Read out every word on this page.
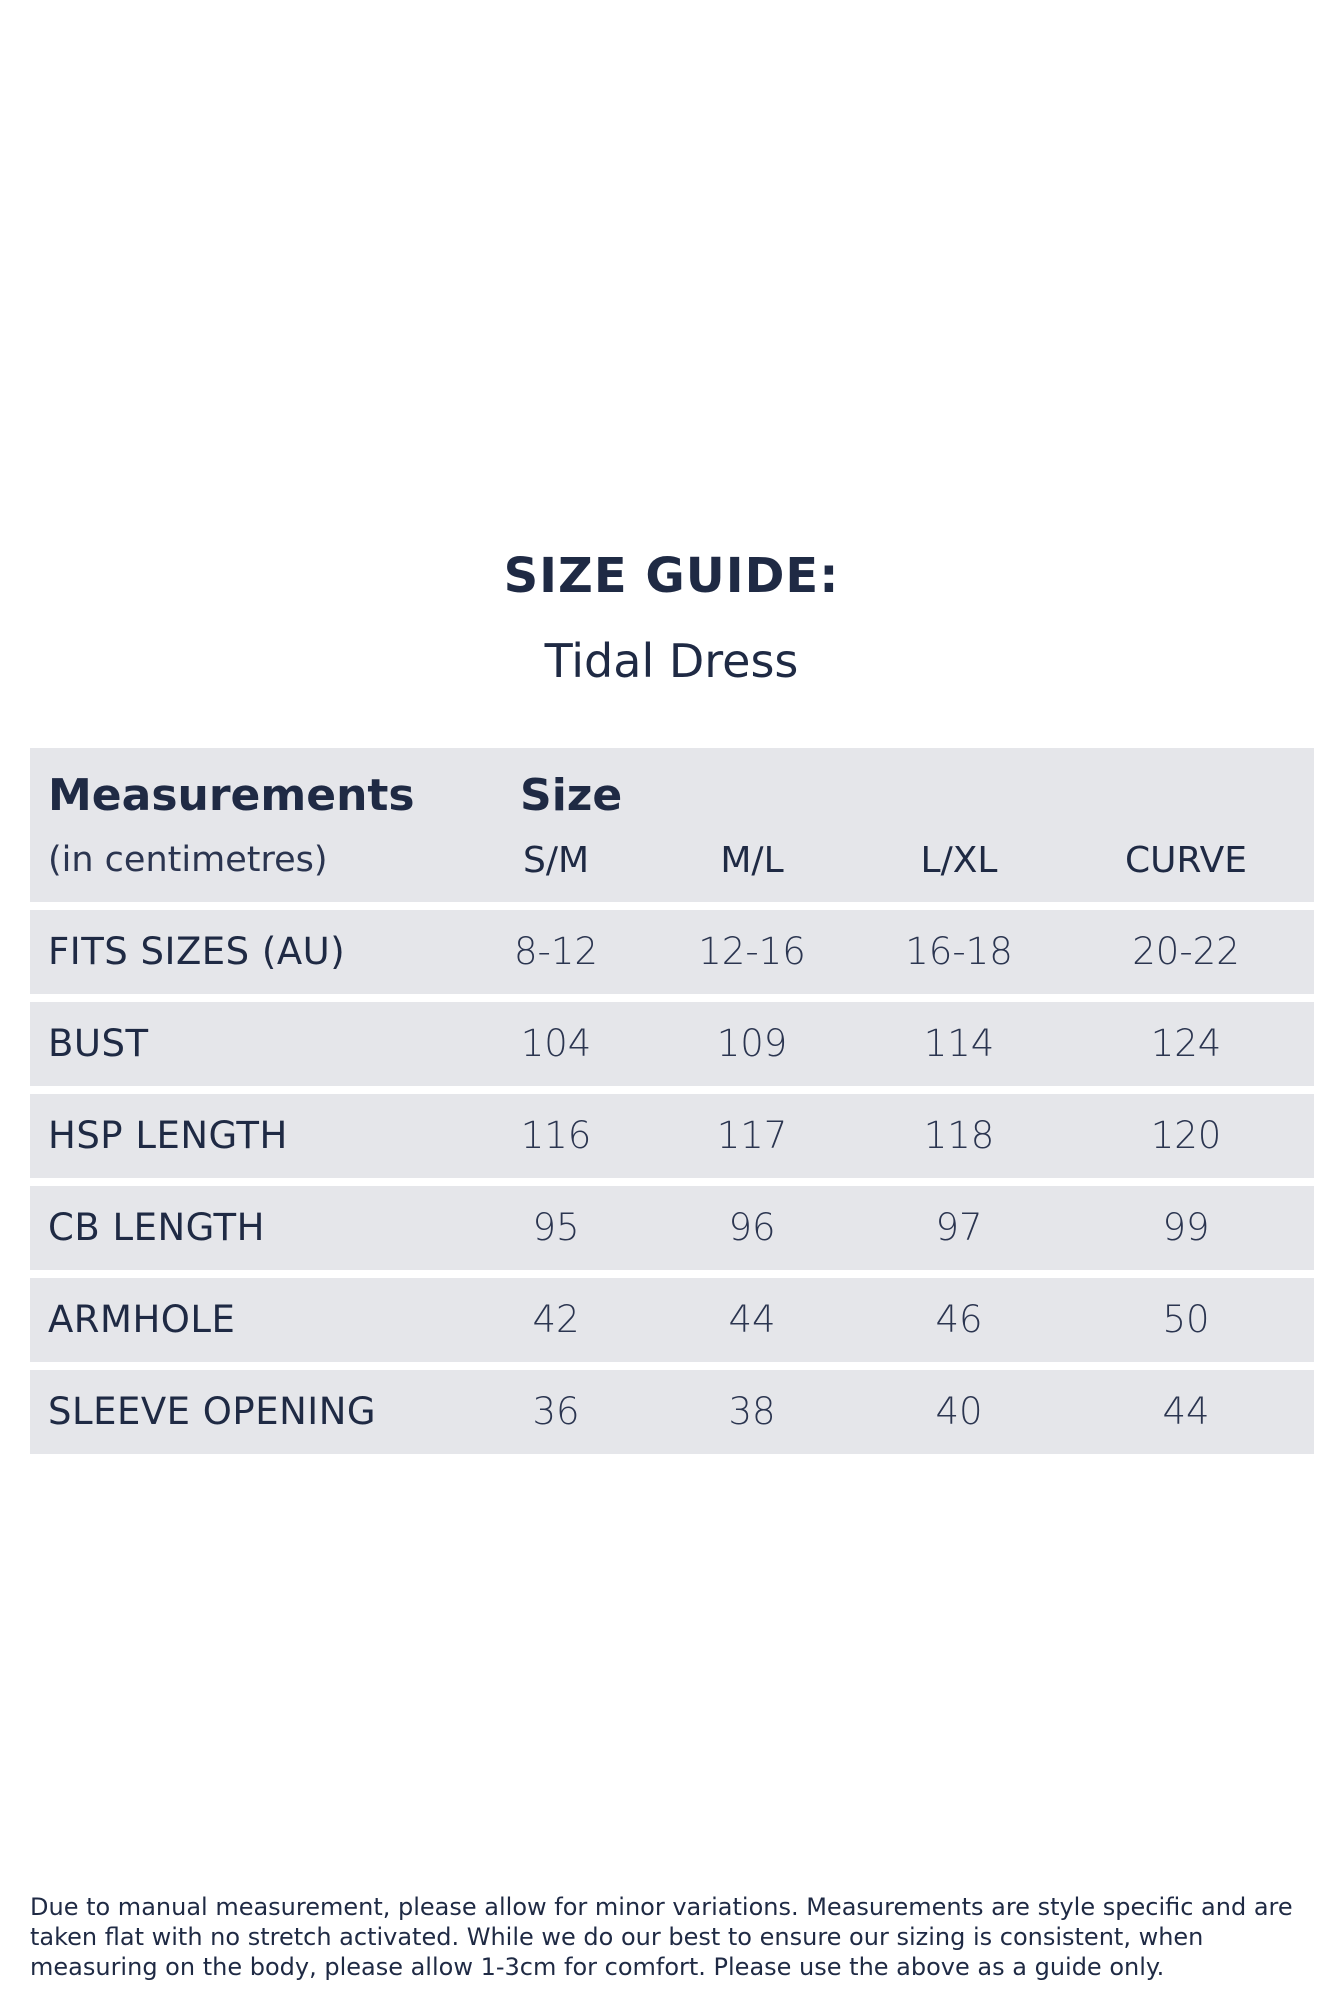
SIZE GUIDE:
Tidal Dress
Measurements
(in centimetres)
Size
S/M	M/L	L/XL	CURVE
FITS SIZES (AU)	8-12	12-16	16-18	20-22
BUST	104	109	114	124
HSP LENGTH	116	117	118	120
CB LENGTH	95	96	97	99
ARMHOLE	42	44	46	50
SLEEVE OPENING	36	38	40	44
Due to manual measurement, please allow for minor variations. Measurements are style specific and are taken flat with no stretch activated. While we do our best to ensure our sizing is consistent, when measuring on the body, please allow 1-3cm for comfort. Please use the above as a guide only.
